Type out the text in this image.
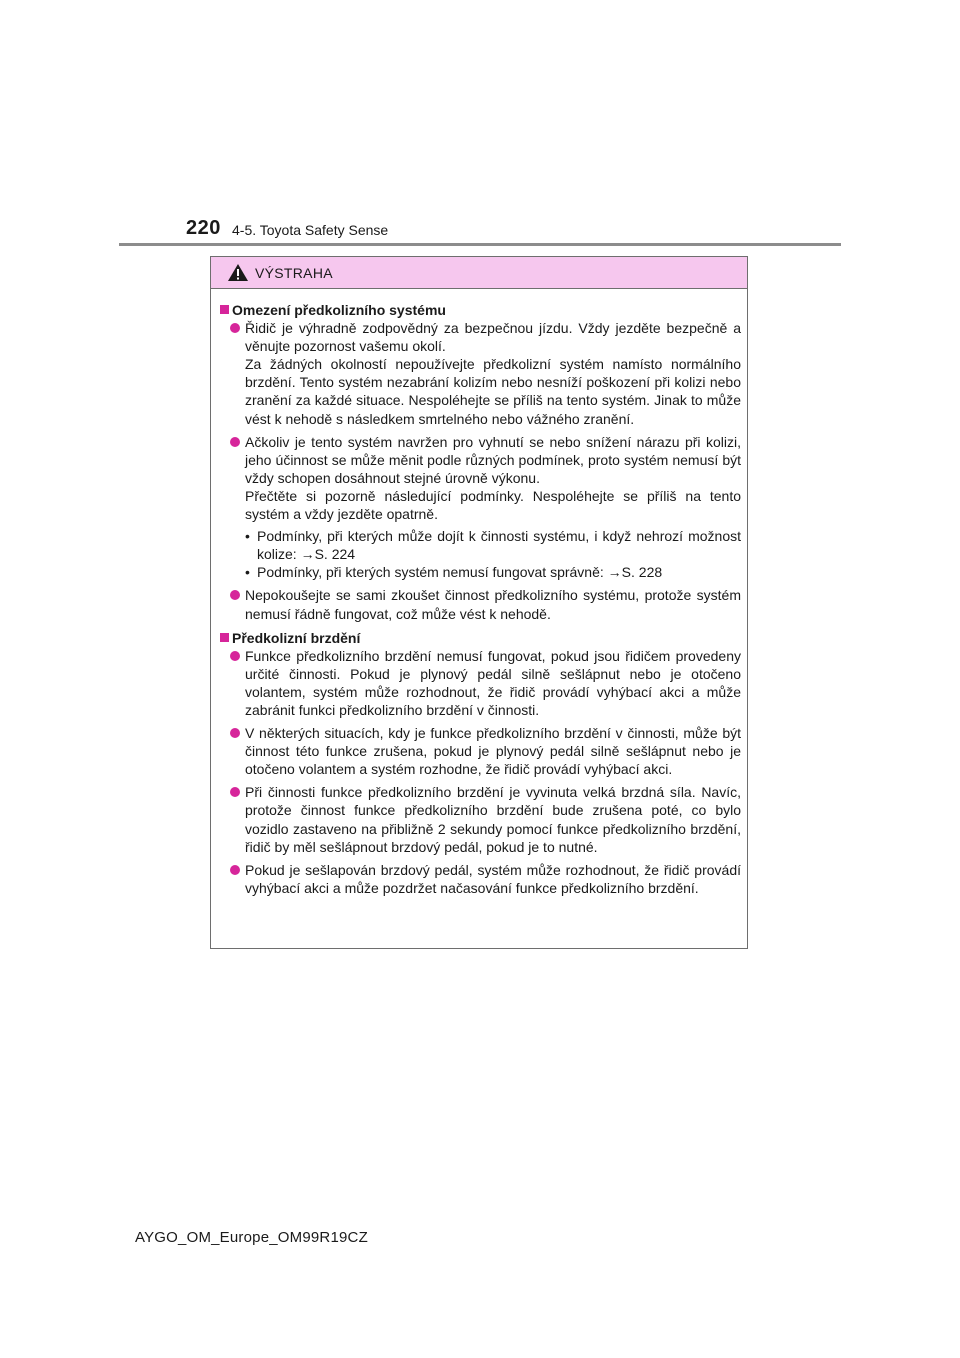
220 4-5. Toyota Safety Sense
VÝSTRAHA
Omezení předkolizního systému

Řidič je výhradně zodpovědný za bezpečnou jízdu. Vždy jezděte bezpečně a věnujte pozornost vašemu okolí.

Za žádných okolností nepoužívejte předkolizní systém namísto normálního brzdění. Tento systém nezabrání kolizím nebo nesníží poškození při kolizi nebo zranění za každé situace. Nespoléhejte se příliš na tento systém. Jinak to může vést k nehodě s následkem smrtelného nebo vážného zranění.

Ačkoliv je tento systém navržen pro vyhnutí se nebo snížení nárazu při kolizi, jeho účinnost se může měnit podle různých podmínek, proto systém nemusí být vždy schopen dosáhnout stejné úrovně výkonu.

Přečtěte si pozorně následující podmínky. Nespoléhejte se příliš na tento systém a vždy jezděte opatrně.

• Podmínky, při kterých může dojít k činnosti systému, i když nehrozí možnost kolize: →S. 224
• Podmínky, při kterých systém nemusí fungovat správně: →S. 228

Nepokoušejte se sami zkoušet činnost předkolizního systému, protože systém nemusí řádně fungovat, což může vést k nehodě.

Předkolizní brzdění

Funkce předkolizního brzdění nemusí fungovat, pokud jsou řidičem provedeny určité činnosti. Pokud je plynový pedál silně sešlápnut nebo je otočeno volantem, systém může rozhodnout, že řidič provádí vyhýbací akci a může zabránit funkci předkolizního brzdění v činnosti.

V některých situacích, kdy je funkce předkolizního brzdění v činnosti, může být činnost této funkce zrušena, pokud je plynový pedál silně sešlápnut nebo je otočeno volantem a systém rozhodne, že řidič provádí vyhýbací akci.

Při činnosti funkce předkolizního brzdění je vyvinuta velká brzdná síla. Navíc, protože činnost funkce předkolizního brzdění bude zrušena poté, co bylo vozidlo zastaveno na přibližně 2 sekundy pomocí funkce předkolizního brzdění, řidič by měl sešlápnout brzdový pedál, pokud je to nutné.

Pokud je sešlapován brzdový pedál, systém může rozhodnout, že řidič provádí vyhýbací akci a může pozdržet načasování funkce předkolizního brzdění.

AYGO_OM_Europe_OM99R19CZ
